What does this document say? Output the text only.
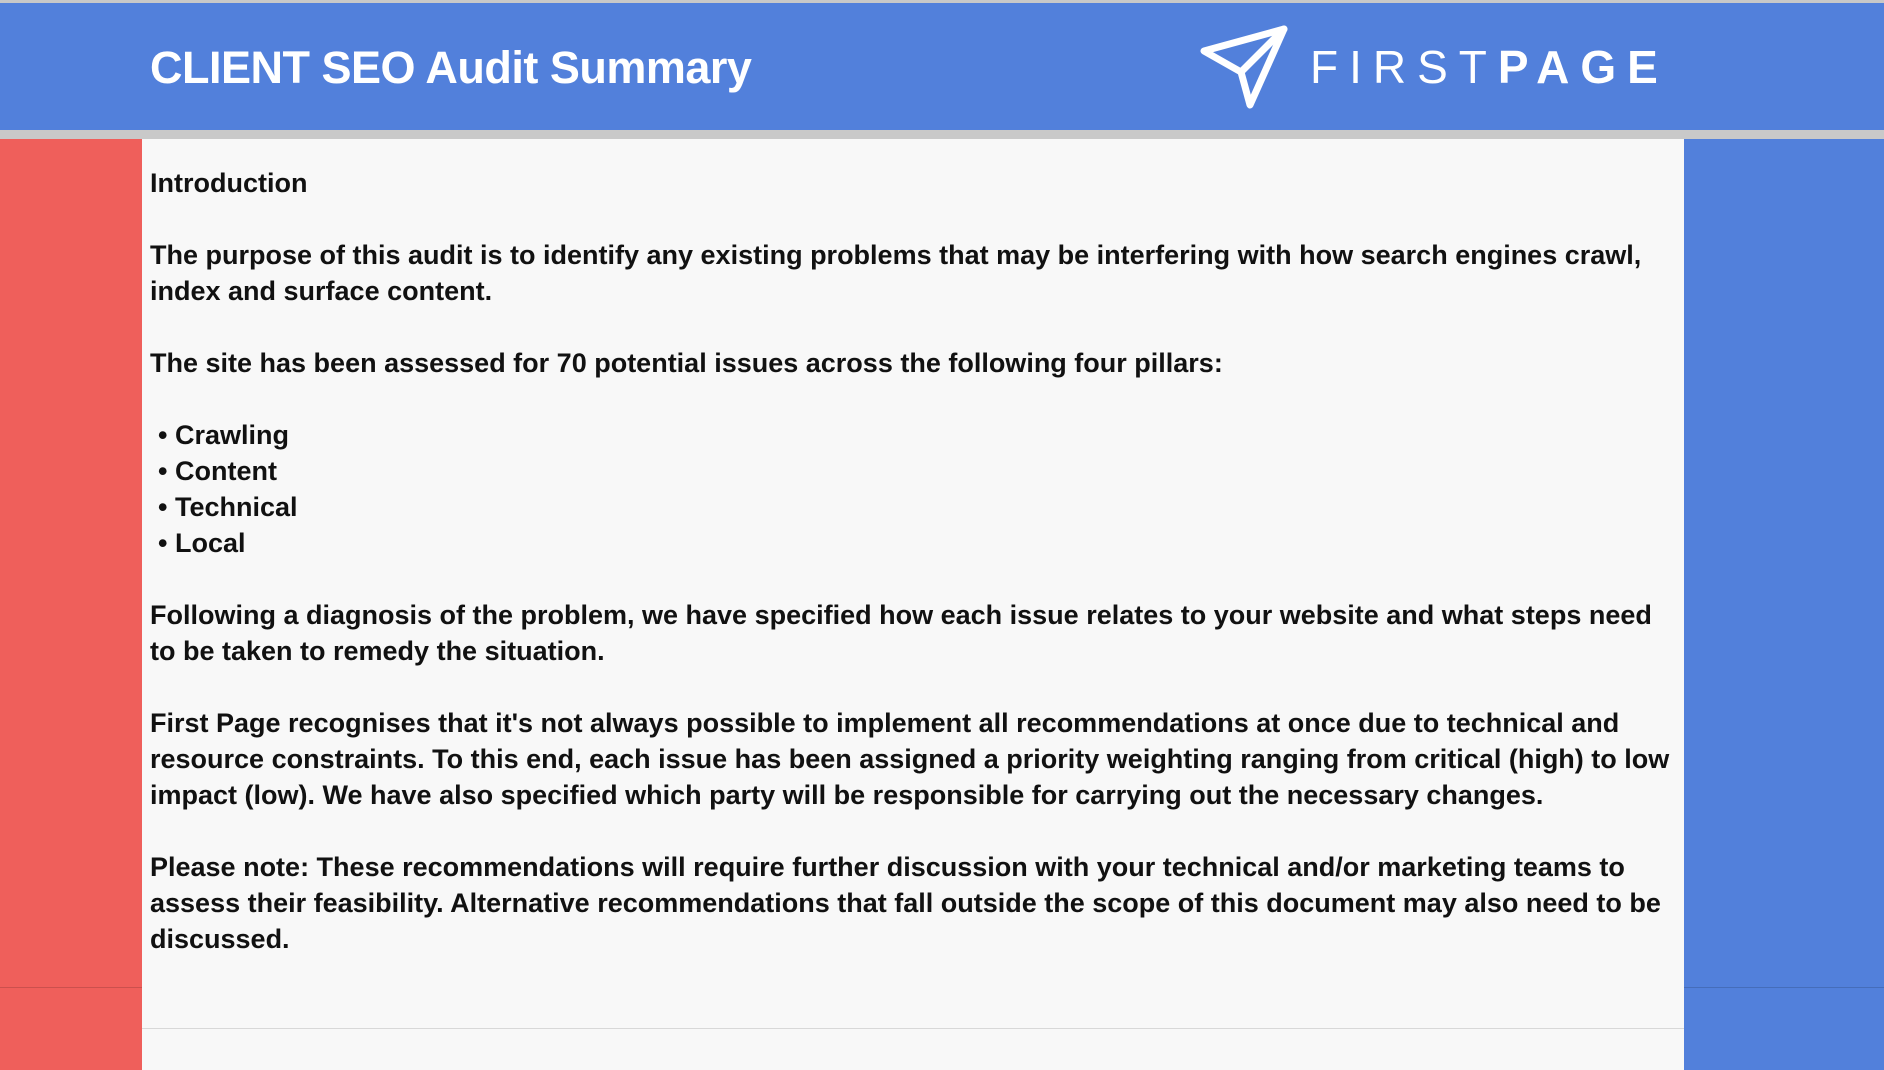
CLIENT SEO Audit Summary	FIRSTPAGE

Introduction

The purpose of this audit is to identify any existing problems that may be interfering with how search engines crawl, index and surface content.

The site has been assessed for 70 potential issues across the following four pillars:

• Crawling
• Content
• Technical
• Local

Following a diagnosis of the problem, we have specified how each issue relates to your website and what steps need to be taken to remedy the situation.

First Page recognises that it's not always possible to implement all recommendations at once due to technical and resource constraints. To this end, each issue has been assigned a priority weighting ranging from critical (high) to low impact (low). We have also specified which party will be responsible for carrying out the necessary changes.

Please note: These recommendations will require further discussion with your technical and/or marketing teams to assess their feasibility. Alternative recommendations that fall outside the scope of this document may also need to be discussed.
